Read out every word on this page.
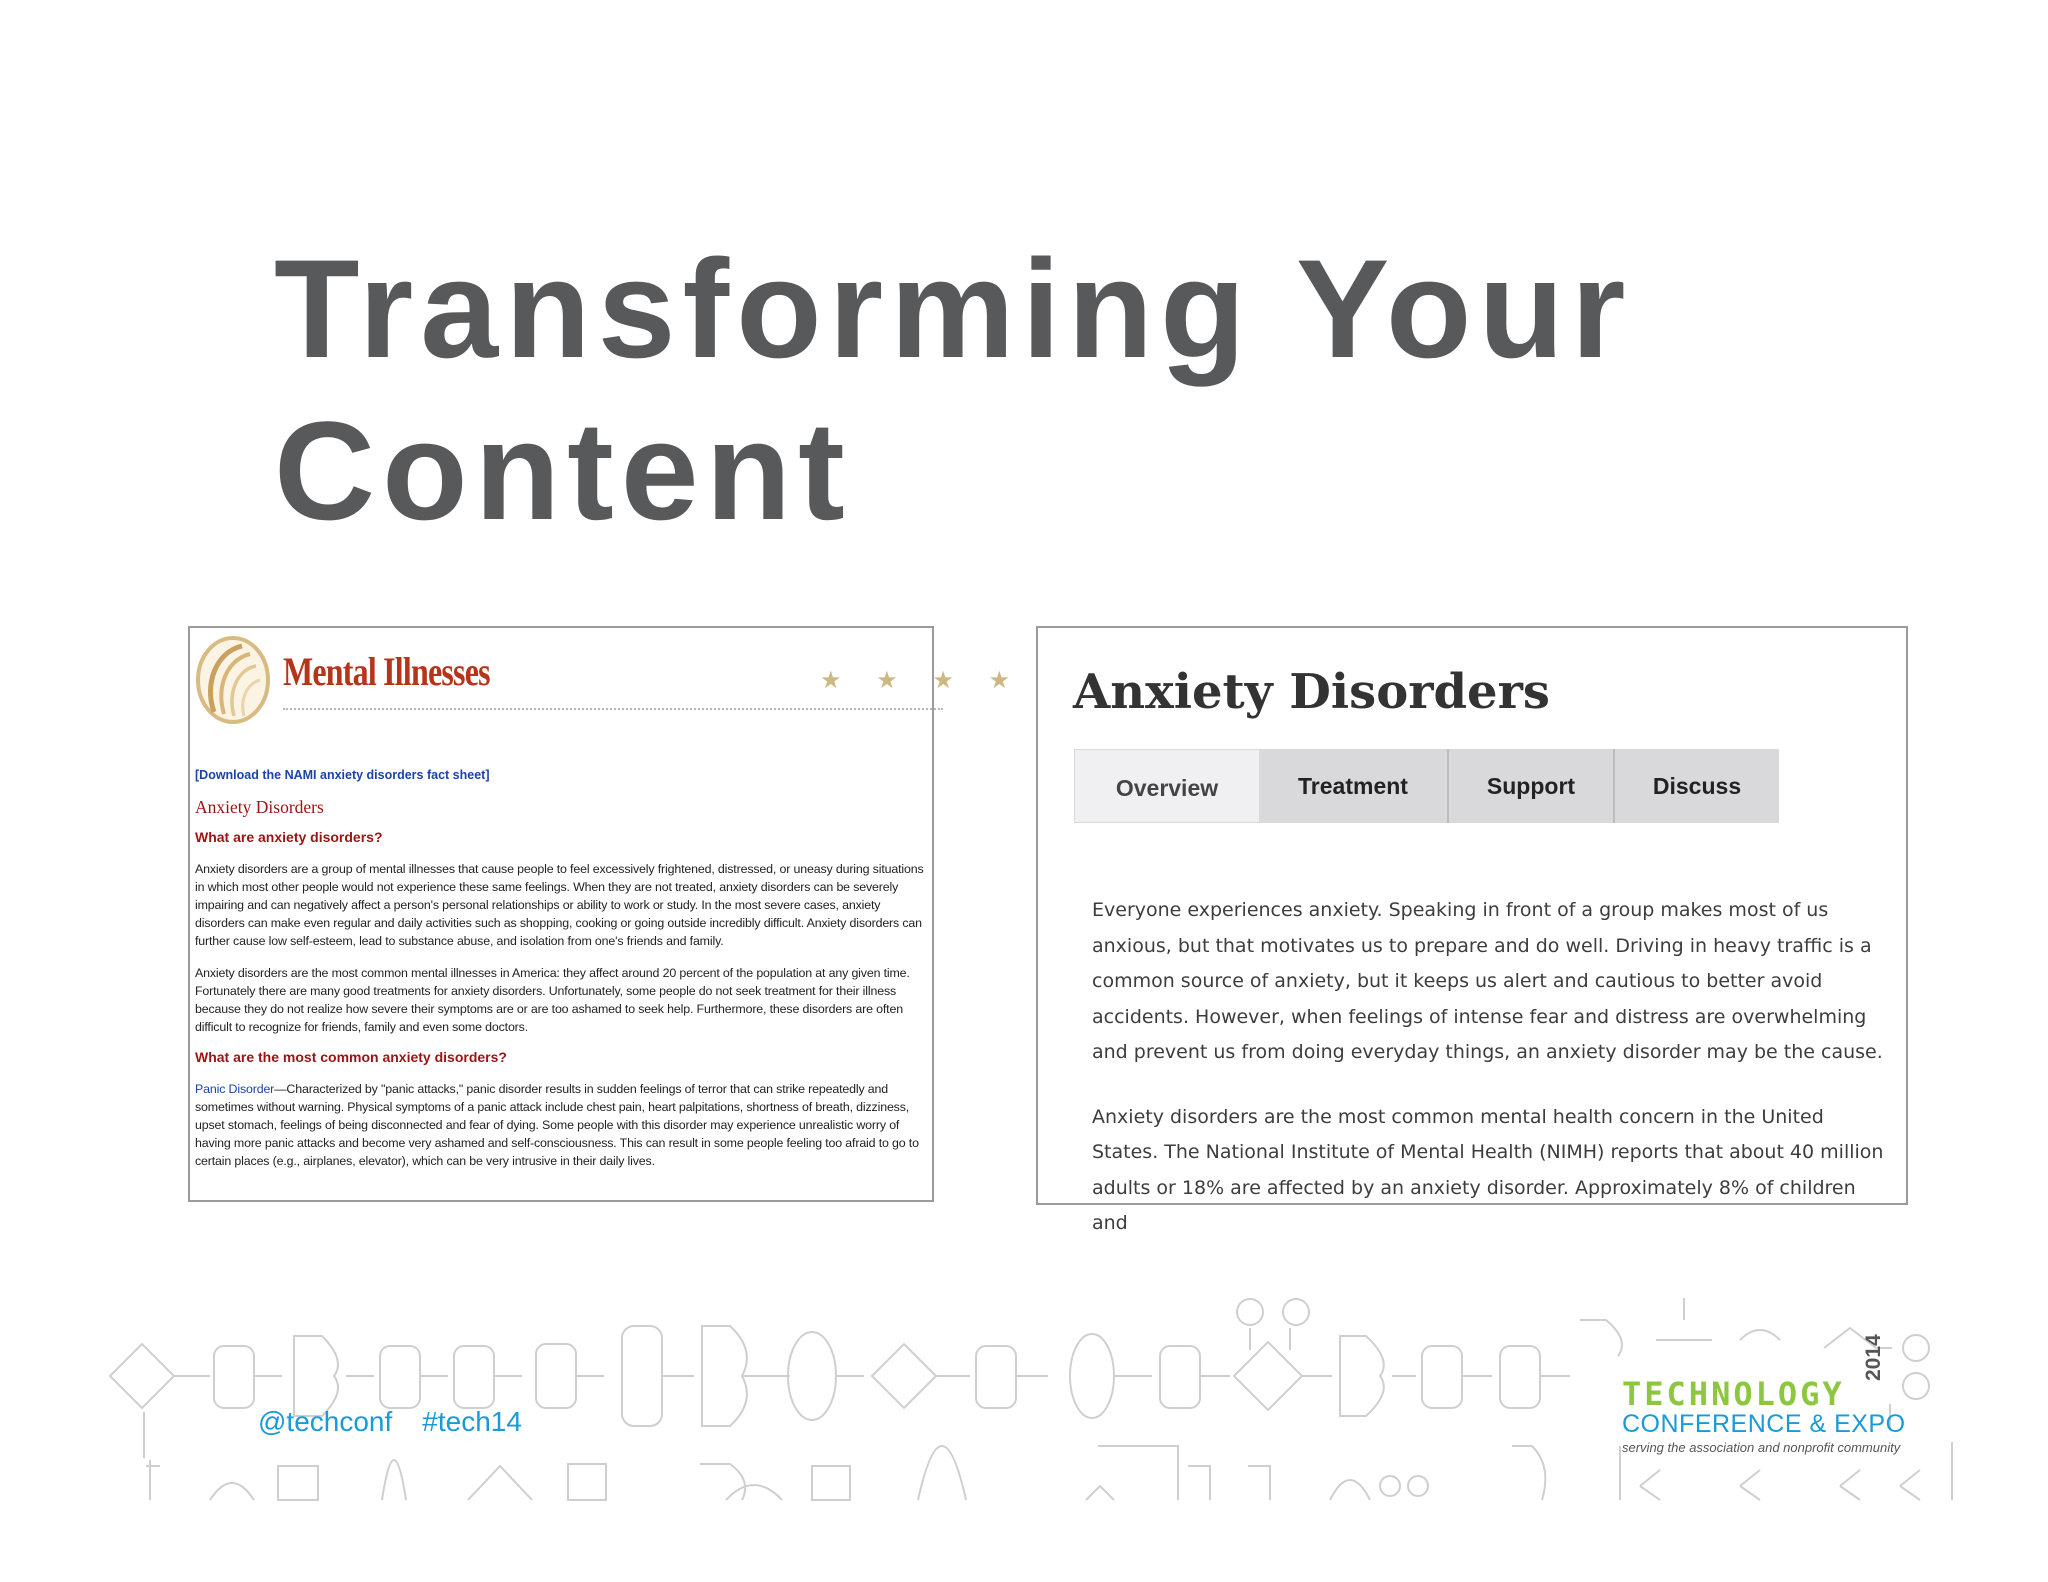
Transforming Your
Content
Mental Illnesses	★ ★ ★ ★

[Download the NAMI anxiety disorders fact sheet]

Anxiety Disorders

What are anxiety disorders?

Anxiety disorders are a group of mental illnesses that cause people to feel excessively frightened, distressed, or uneasy during situations in which most other people would not experience these same feelings. When they are not treated, anxiety disorders can be severely impairing and can negatively affect a person's personal relationships or ability to work or study. In the most severe cases, anxiety disorders can make even regular and daily activities such as shopping, cooking or going outside incredibly difficult. Anxiety disorders can further cause low self-esteem, lead to substance abuse, and isolation from one's friends and family.

Anxiety disorders are the most common mental illnesses in America: they affect around 20 percent of the population at any given time. Fortunately there are many good treatments for anxiety disorders. Unfortunately, some people do not seek treatment for their illness because they do not realize how severe their symptoms are or are too ashamed to seek help. Furthermore, these disorders are often difficult to recognize for friends, family and even some doctors.

What are the most common anxiety disorders?

Panic Disorder—Characterized by "panic attacks," panic disorder results in sudden feelings of terror that can strike repeatedly and sometimes without warning. Physical symptoms of a panic attack include chest pain, heart palpitations, shortness of breath, dizziness, upset stomach, feelings of being disconnected and fear of dying. Some people with this disorder may experience unrealistic worry of having more panic attacks and become very ashamed and self-consciousness. This can result in some people feeling too afraid to go to certain places (e.g., airplanes, elevator), which can be very intrusive in their daily lives.

Anxiety Disorders
Overview	Treatment	Support	Discuss

Everyone experiences anxiety. Speaking in front of a group makes most of us anxious, but that motivates us to prepare and do well. Driving in heavy traffic is a common source of anxiety, but it keeps us alert and cautious to better avoid accidents. However, when feelings of intense fear and distress are overwhelming and prevent us from doing everyday things, an anxiety disorder may be the cause.

Anxiety disorders are the most common mental health concern in the United States. The National Institute of Mental Health (NIMH) reports that about 40 million adults or 18% are affected by an anxiety disorder. Approximately 8% of children and

@techconf #tech14
TECHNOLOGY
CONFERENCE & EXPO
2014
serving the association and nonprofit community
